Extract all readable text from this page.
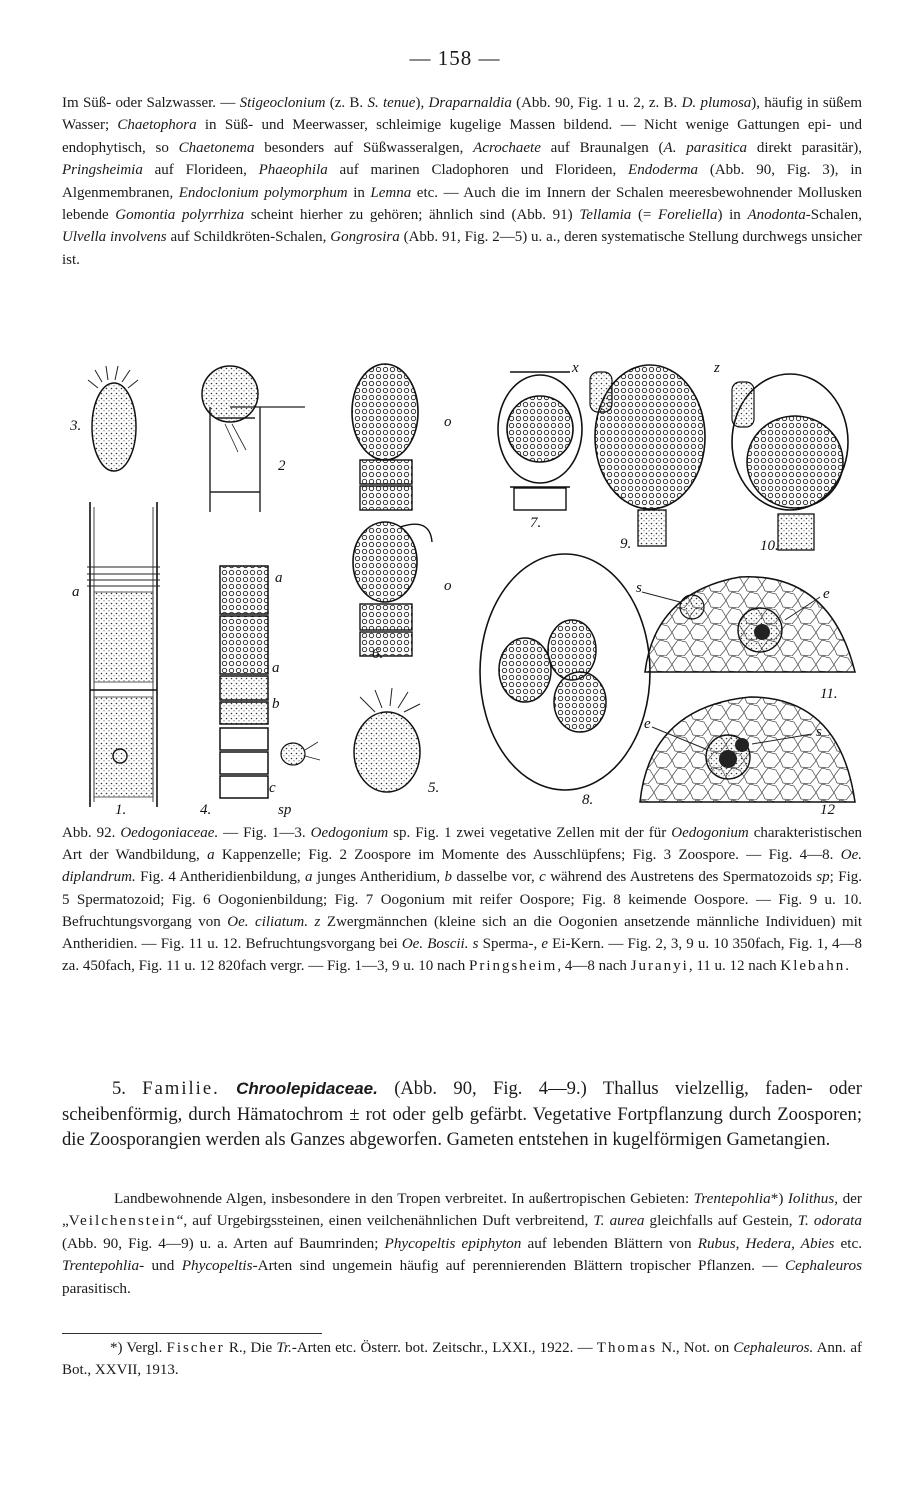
— 158 —
Im Süß- oder Salzwasser. — Stigeoclonium (z. B. S. tenue), Draparnaldia (Abb. 90, Fig. 1 u. 2, z. B. D. plumosa), häufig in süßem Wasser; Chaetophora in Süß- und Meerwasser, schleimige kugelige Massen bildend. — Nicht wenige Gattungen epi- und endophytisch, so Chaetonema besonders auf Süßwasseralgen, Acrochaete auf Braunalgen (A. parasitica direkt parasitär), Pringsheimia auf Florideen, Phaeophila auf marinen Cladophoren und Florideen, Endoderma (Abb. 90, Fig. 3), in Algenmembranen, Endoclonium polymorphum in Lemna etc. — Auch die im Innern der Schalen meeresbewohnender Mollusken lebende Gomontia polyrrhiza scheint hierher zu gehören; ähnlich sind (Abb. 91) Tellamia (= Foreliella) in Anodonta-Schalen, Ulvella involvens auf Schildkröten-Schalen, Gongrosira (Abb. 91, Fig. 2—5) u. a., deren systematische Stellung durchwegs unsicher ist.
3.
2
a
1.
a
a
b
c
sp
4.
o
o
6.
5.
7.
8.
x
9.
z
10.
s	e
11.
e	s
12
Abb. 92. Oedogoniaceae. — Fig. 1—3. Oedogonium sp. Fig. 1 zwei vegetative Zellen mit der für Oedogonium charakteristischen Art der Wandbildung, a Kappenzelle; Fig. 2 Zoospore im Momente des Ausschlüpfens; Fig. 3 Zoospore. — Fig. 4—8. Oe. diplandrum. Fig. 4 Antheridienbildung, a junges Antheridium, b dasselbe vor, c während des Austretens des Spermatozoids sp; Fig. 5 Spermatozoid; Fig. 6 Oogonienbildung; Fig. 7 Oogonium mit reifer Oospore; Fig. 8 keimende Oospore. — Fig. 9 u. 10. Befruchtungsvorgang von Oe. ciliatum. z Zwergmännchen (kleine sich an die Oogonien ansetzende männliche Individuen) mit Antheridien. — Fig. 11 u. 12. Befruchtungsvorgang bei Oe. Boscii. s Sperma-, e Ei-Kern. — Fig. 2, 3, 9 u. 10 350fach, Fig. 1, 4—8 za. 450fach, Fig. 11 u. 12 820fach vergr. — Fig. 1—3, 9 u. 10 nach Pringsheim, 4—8 nach Juranyi, 11 u. 12 nach Klebahn.
5. Familie. Chroolepidaceae. (Abb. 90, Fig. 4—9.) Thallus vielzellig, faden- oder scheibenförmig, durch Hämatochrom ± rot oder gelb gefärbt. Vegetative Fortpflanzung durch Zoosporen; die Zoosporangien werden als Ganzes abgeworfen. Gameten entstehen in kugelförmigen Gametangien.
Landbewohnende Algen, insbesondere in den Tropen verbreitet. In außertropischen Gebieten: Trentepohlia*) Iolithus, der „Veilchenstein“, auf Urgebirgssteinen, einen veilchenähnlichen Duft verbreitend, T. aurea gleichfalls auf Gestein, T. odorata (Abb. 90, Fig. 4—9) u. a. Arten auf Baumrinden; Phycopeltis epiphyton auf lebenden Blättern von Rubus, Hedera, Abies etc. Trentepohlia- und Phycopeltis-Arten sind ungemein häufig auf perennierenden Blättern tropischer Pflanzen. — Cephaleuros parasitisch.
*) Vergl. Fischer R., Die Tr.-Arten etc. Österr. bot. Zeitschr., LXXI., 1922. — Thomas N., Not. on Cephaleuros. Ann. af Bot., XXVII, 1913.
